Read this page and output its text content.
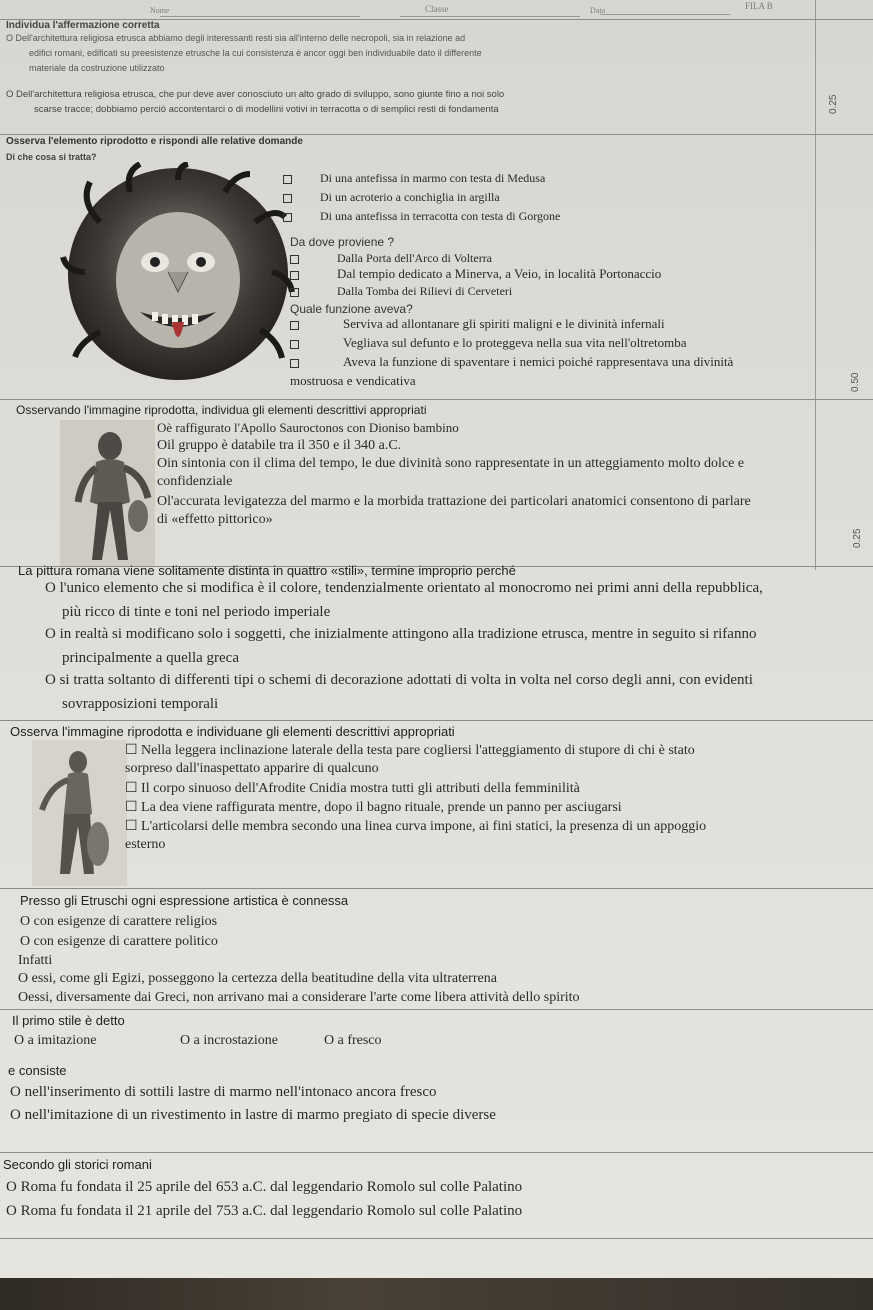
Nome	Classe	Data	FILA B
Individua l'affermazione corretta
O Dell'architettura religiosa etrusca abbiamo degli interessanti resti sia all'interno delle necropoli, sia in relazione ad
edifici romani, edificati su preesistenze etrusche la cui consistenza è ancor oggi ben individuabile dato il differente
materiale da costruzione utilizzato
O Dell'architettura religiosa etrusca, che pur deve aver conosciuto un alto grado di sviluppo, sono giunte fino a noi solo
scarse tracce; dobbiamo perciò accontentarci o di modellini votivi in terracotta o di semplici resti di fondamenta	0.25
Osserva l'elemento riprodotto e rispondi alle relative domande
Di che cosa si tratta?
Di una antefissa in marmo con testa di Medusa
Di un acroterio a conchiglia in argilla
Di una antefissa in terracotta con testa di Gorgone
Da dove proviene ?
Dalla Porta dell'Arco di Volterra
Dal tempio dedicato a Minerva, a Veio, in località Portonaccio
Dalla Tomba dei Rilievi di Cerveteri
Quale funzione aveva?
Serviva ad allontanare gli spiriti maligni e le divinità infernali
Vegliava sul defunto e lo proteggeva nella sua vita nell'oltretomba
Aveva la funzione di spaventare i nemici poiché rappresentava una divinità
mostruosa e vendicativa	0.50
Osservando l'immagine riprodotta, individua gli elementi descrittivi appropriati
Oè raffigurato l'Apollo Sauroctonos con Dioniso bambino
Oil gruppo è databile tra il 350 e il 340 a.C.
Oin sintonia con il clima del tempo, le due divinità sono rappresentate in un atteggiamento molto dolce e
confidenziale
Ol'accurata levigatezza del marmo e la morbida trattazione dei particolari anatomici consentono di parlare
di «effetto pittorico»
0.25
La pittura romana viene solitamente distinta in quattro «stili», termine improprio perché
O l'unico elemento che si modifica è il colore, tendenzialmente orientato al monocromo nei primi anni della repubblica,
più ricco di tinte e toni nel periodo imperiale
O in realtà si modificano solo i soggetti, che inizialmente attingono alla tradizione etrusca, mentre in seguito si rifanno
principalmente a quella greca
O si tratta soltanto di differenti tipi o schemi di decorazione adottati di volta in volta nel corso degli anni, con evidenti
sovrapposizioni temporali
Osserva l'immagine riprodotta e individuane gli elementi descrittivi appropriati
☐ Nella leggera inclinazione laterale della testa pare cogliersi l'atteggiamento di stupore di chi è stato
sorpreso dall'inaspettato apparire di qualcuno
☐ Il corpo sinuoso dell'Afrodite Cnidia mostra tutti gli attributi della femminilità
☐ La dea viene raffigurata mentre, dopo il bagno rituale, prende un panno per asciugarsi
☐ L'articolarsi delle membra secondo una linea curva impone, ai fini statici, la presenza di un appoggio
esterno
Presso gli Etruschi ogni espressione artistica è connessa
O con esigenze di carattere religios
O con esigenze di carattere politico
Infatti
O essi, come gli Egizi, posseggono la certezza della beatitudine della vita ultraterrena
Oessi, diversamente dai Greci, non arrivano mai a considerare l'arte come libera attività dello spirito
Il primo stile è detto
O a imitazione	O a incrostazione	O a fresco
e consiste
O nell'inserimento di sottili lastre di marmo nell'intonaco ancora fresco
O nell'imitazione di un rivestimento in lastre di marmo pregiato di specie diverse
Secondo gli storici romani
O Roma fu fondata il 25 aprile del 653 a.C. dal leggendario Romolo sul colle Palatino
O Roma fu fondata il 21 aprile del 753 a.C. dal leggendario Romolo sul colle Palatino
